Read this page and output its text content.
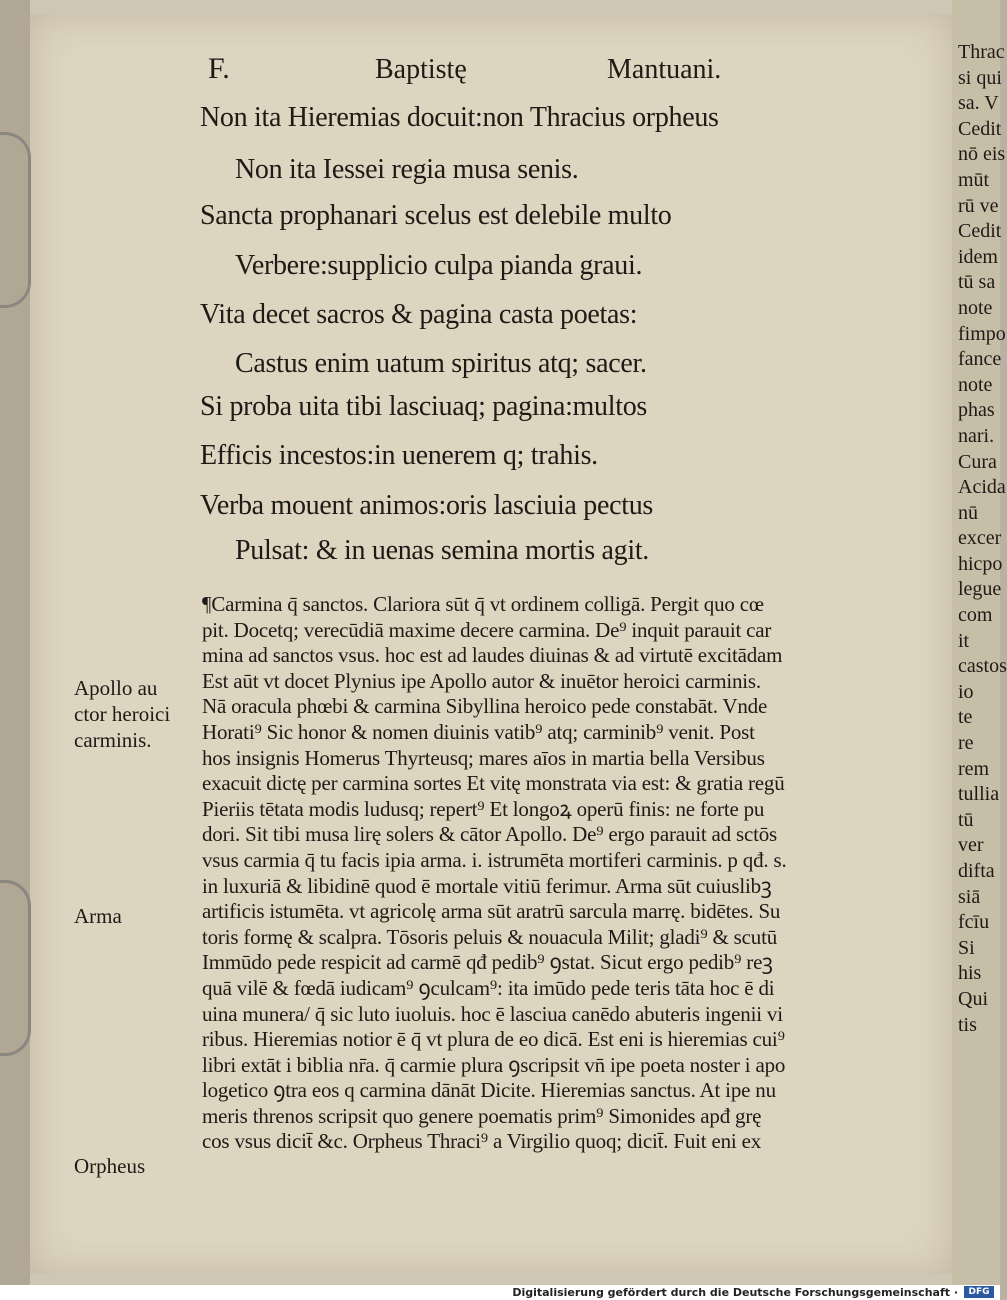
Thrac
si qui
sa. V
Cedit
nō eis
mūt
rū ve
Cedit
idem
tū sa
note
fimpo
fance
note
phas
nari.
Cura
Acida
nū
excer
hicpo
legue
com
it
castos
io
te
re
rem
tullia
tū
ver
difta
siā
fcīu
Si
his
Qui
tis
F.	Baptistę	Mantuani.
Non ita Hieremias docuit:non Thracius orpheus
Non ita Iessei regia musa senis.
Sancta prophanari scelus est delebile multo
Verbere:supplicio culpa pianda graui.
Vita decet sacros & pagina casta poetas:
Castus enim uatum spiritus atq; sacer.
Si proba uita tibi lasciuaq; pagina:multos
Efficis incestos:in uenerem q; trahis.
Verba mouent animos:oris lasciuia pectus
Pulsat: & in uenas semina mortis agit.
¶Carmina q̄ sanctos. Clariora sūt q̄ vt ordinem colligā. Pergit quo cœ
pit. Docetq; verecūdiā maxime decere carmina. De⁹ inquit parauit car
mina ad sanctos vsus. hoc est ad laudes diuinas & ad virtutē excitādam
Est aūt vt docet Plynius ipe Apollo autor & inuētor heroici carminis.
Nā oracula phœbi & carmina Sibyllina heroico pede constabāt. Vnde
Horati⁹ Sic honor & nomen diuinis vatib⁹ atq; carminib⁹ venit. Post
hos insignis Homerus Thyrteusq; mares aīos in martia bella Versibus
exacuit dictę per carmina sortes Et vitę monstrata via est: & gratia regū
Pieriis tētata modis ludusq; repert⁹ Et longoꝝ operū finis: ne forte pu
dori. Sit tibi musa lirę solers & cātor Apollo. De⁹ ergo parauit ad sctōs
vsus carmia q̄ tu facis ipia arma. i. istrumēta mortiferi carminis. p qđ. s.
in luxuriā & libidinē quod ē mortale vitiū ferimur. Arma sūt cuiuslibꝫ
artificis istumēta. vt agricolę arma sūt aratrū sarcula marrę. bidētes. Su
toris formę & scalpra. Tōsoris peluis & nouacula Milit; gladi⁹ & scutū
Immūdo pede respicit ad carmē qđ pedib⁹ ꝯstat. Sicut ergo pedib⁹ reꝫ
quā vilē & fœdā iudicam⁹ ꝯculcam⁹: ita imūdo pede teris tāta hoc ē di
uina munera/ q̄ sic luto iuoluis. hoc ē lasciua canēdo abuteris ingenii vi
ribus. Hieremias notior ē q̄ vt plura de eo dicā. Est eni is hieremias cui⁹
libri extāt i biblia nr̄a. q̄ carmie plura ꝯscripsit vn̄ ipe poeta noster i apo
logetico ꝯtra eos q carmina dānāt Dicite. Hieremias sanctus. At ipe nu
meris threnos scripsit quo genere poematis prim⁹ Simonides apđ grę
cos vsus dicit̄ &c. Orpheus Thraci⁹ a Virgilio quoq; dicit̄. Fuit eni ex
Apollo au
ctor heroici
carminis.
Arma
Orpheus
Digitalisierung gefördert durch die Deutsche Forschungsgemeinschaft ·	DFG
